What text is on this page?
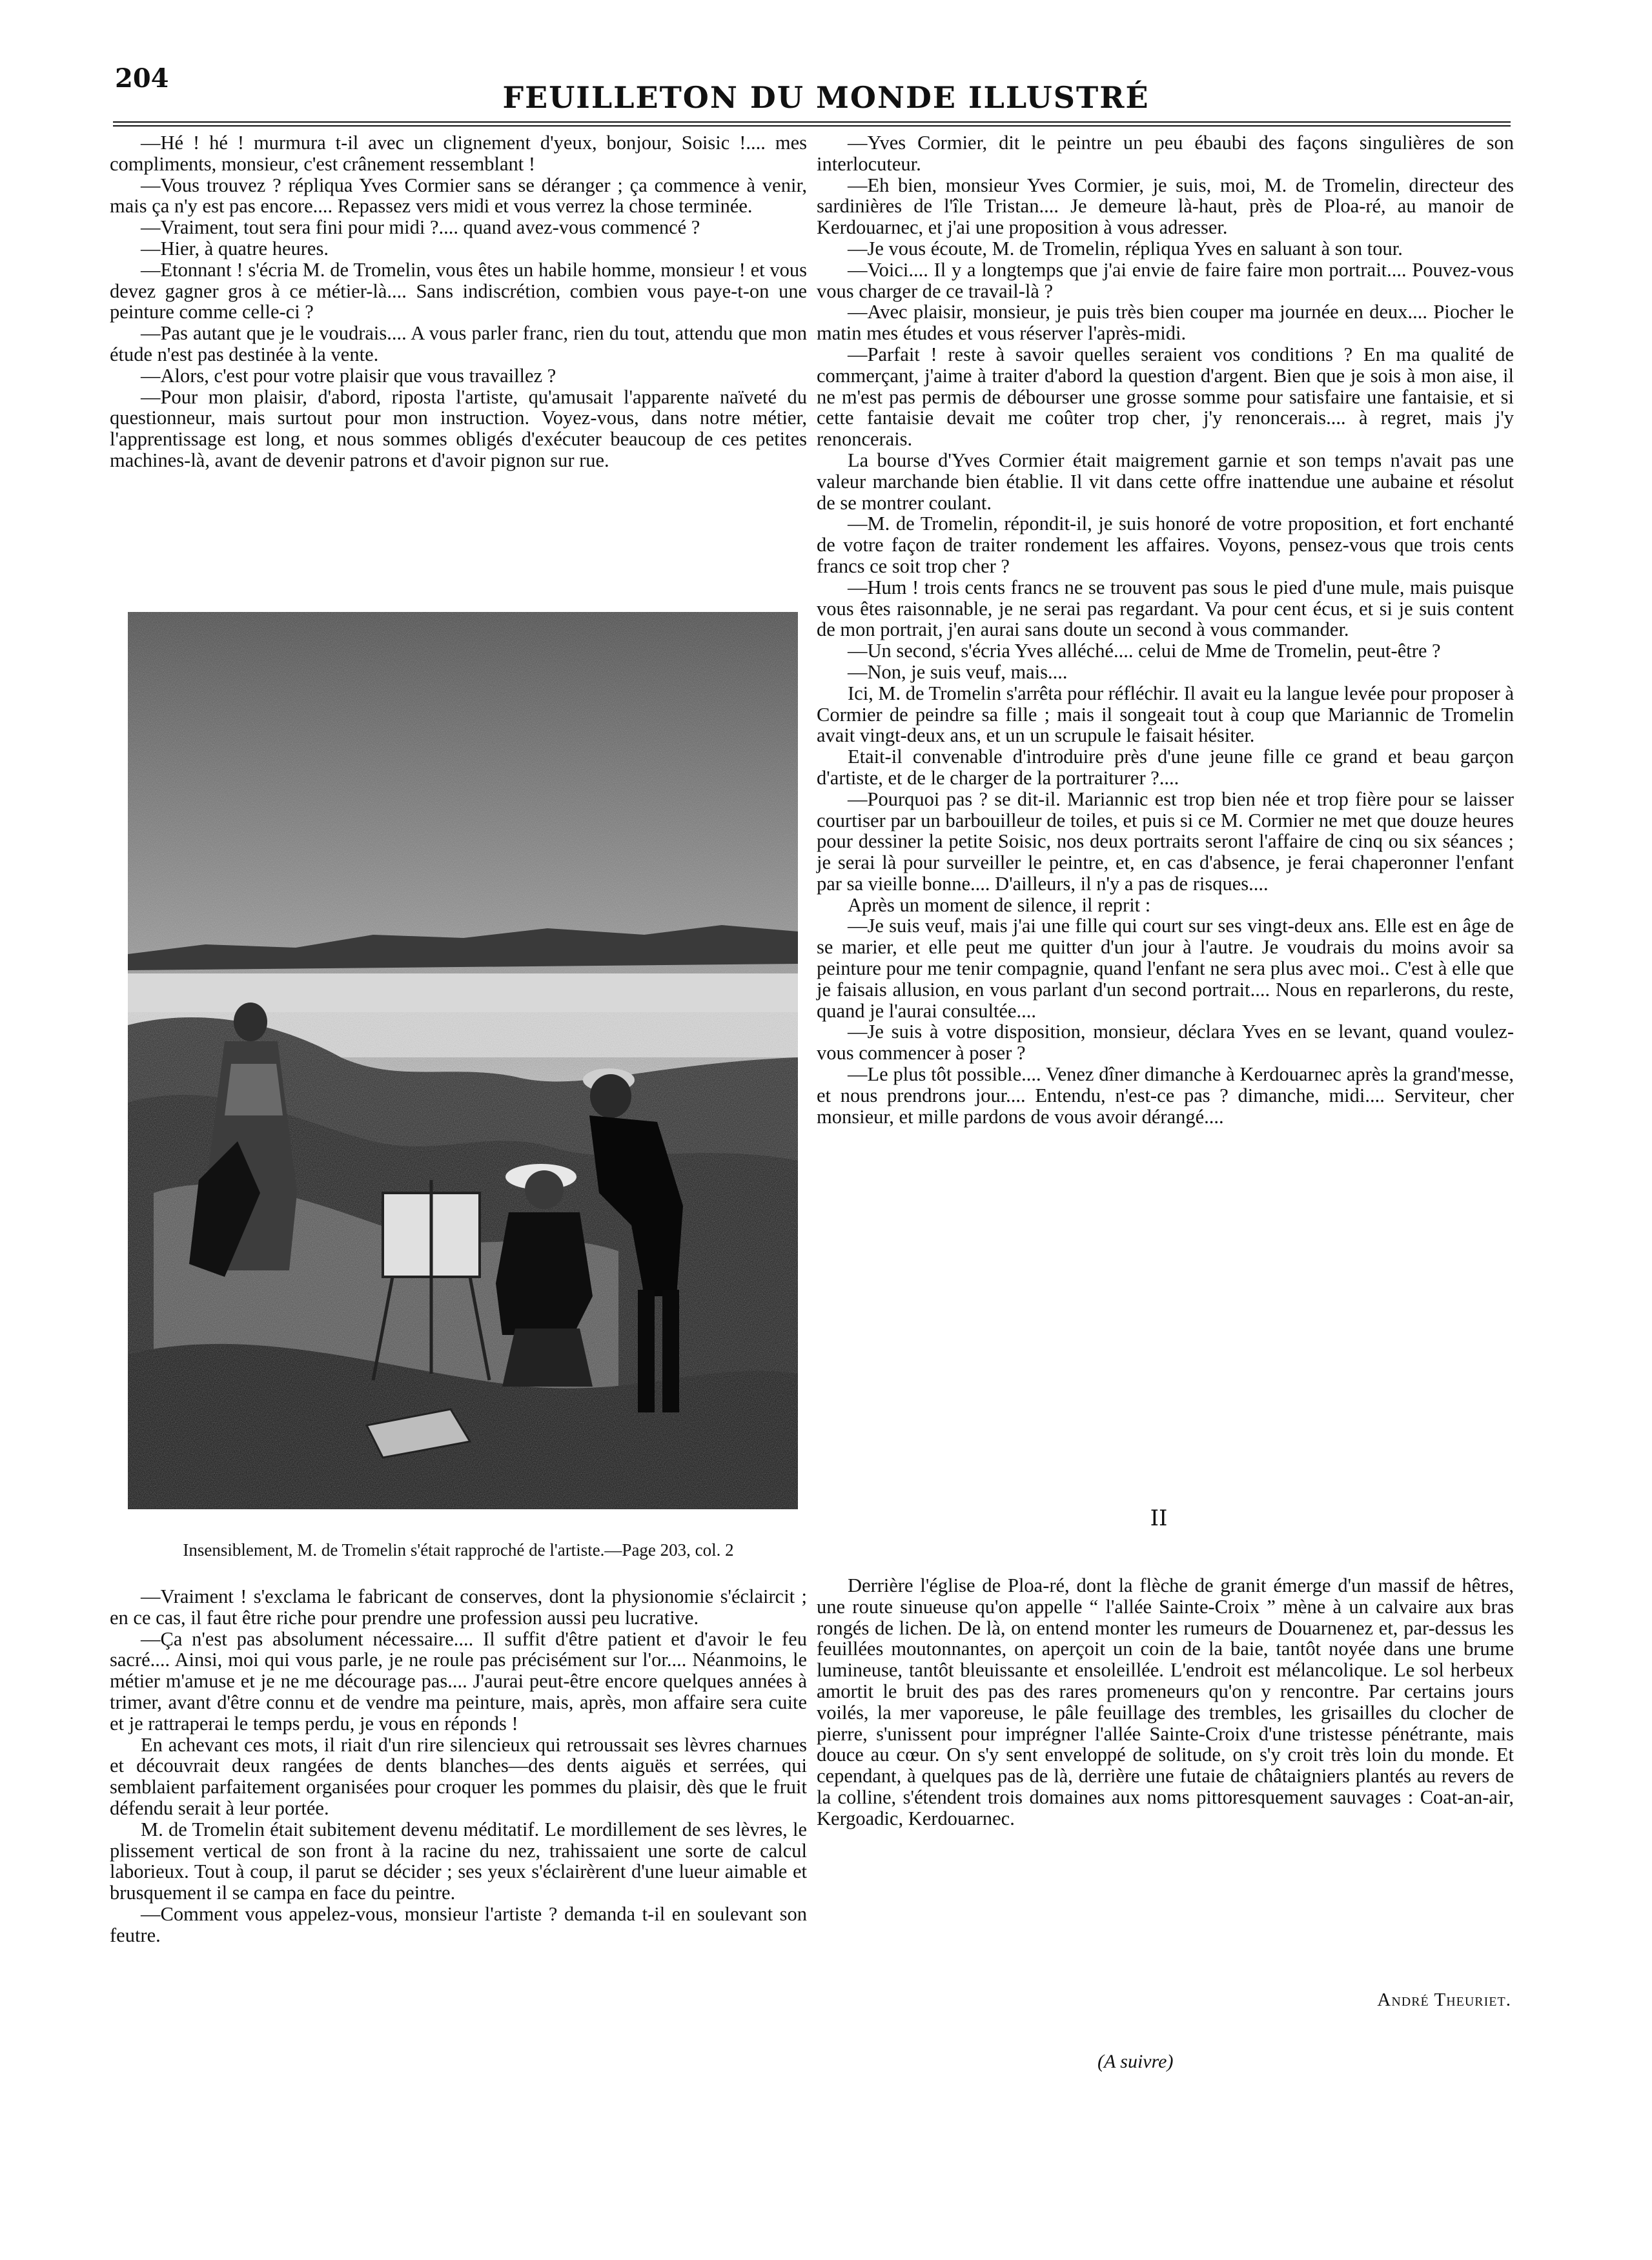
204
FEUILLETON DU MONDE ILLUSTRÉ

—Hé ! hé ! murmura t-il avec un clignement d'yeux, bonjour, Soisic !.... mes compliments, monsieur, c'est crânement ressemblant !

—Vous trouvez ? répliqua Yves Cormier sans se déranger ; ça commence à venir, mais ça n'y est pas encore.... Repassez vers midi et vous verrez la chose terminée.

—Vraiment, tout sera fini pour midi ?.... quand avez-vous commencé ?

—Hier, à quatre heures.

—Etonnant ! s'écria M. de Tromelin, vous êtes un habile homme, monsieur ! et vous devez gagner gros à ce métier-là.... Sans indiscrétion, combien vous paye-t-on une peinture comme celle-ci ?

—Pas autant que je le voudrais.... A vous parler franc, rien du tout, attendu que mon étude n'est pas destinée à la vente.

—Alors, c'est pour votre plaisir que vous travaillez ?

—Pour mon plaisir, d'abord, riposta l'artiste, qu'amusait l'apparente naïveté du questionneur, mais surtout pour mon instruction. Voyez-vous, dans notre métier, l'apprentissage est long, et nous sommes obligés d'exécuter beaucoup de ces petites machines-là, avant de devenir patrons et d'avoir pignon sur rue.

Insensiblement, M. de Tromelin s'était rapproché de l'artiste.—Page 203, col. 2

—Vraiment ! s'exclama le fabricant de conserves, dont la physionomie s'éclaircit ; en ce cas, il faut être riche pour prendre une profession aussi peu lucrative.

—Ça n'est pas absolument nécessaire.... Il suffit d'être patient et d'avoir le feu sacré.... Ainsi, moi qui vous parle, je ne roule pas précisément sur l'or.... Néanmoins, le métier m'amuse et je ne me décourage pas.... J'aurai peut-être encore quelques années à trimer, avant d'être connu et de vendre ma peinture, mais, après, mon affaire sera cuite et je rattraperai le temps perdu, je vous en réponds !

En achevant ces mots, il riait d'un rire silencieux qui retroussait ses lèvres charnues et découvrait deux rangées de dents blanches—des dents aiguës et serrées, qui semblaient parfaitement organisées pour croquer les pommes du plaisir, dès que le fruit défendu serait à leur portée.

M. de Tromelin était subitement devenu méditatif. Le mordillement de ses lèvres, le plissement vertical de son front à la racine du nez, trahissaient une sorte de calcul laborieux. Tout à coup, il parut se décider ; ses yeux s'éclairèrent d'une lueur aimable et brusquement il se campa en face du peintre.

—Comment vous appelez-vous, monsieur l'artiste ? demanda t-il en soulevant son feutre.

—Yves Cormier, dit le peintre un peu ébaubi des façons singulières de son interlocuteur.

—Eh bien, monsieur Yves Cormier, je suis, moi, M. de Tromelin, directeur des sardinières de l'île Tristan.... Je demeure là-haut, près de Ploa-ré, au manoir de Kerdouarnec, et j'ai une proposition à vous adresser.

—Je vous écoute, M. de Tromelin, répliqua Yves en saluant à son tour.

—Voici.... Il y a longtemps que j'ai envie de faire faire mon portrait.... Pouvez-vous vous charger de ce travail-là ?

—Avec plaisir, monsieur, je puis très bien couper ma journée en deux.... Piocher le matin mes études et vous réserver l'après-midi.

—Parfait ! reste à savoir quelles seraient vos conditions ? En ma qualité de commerçant, j'aime à traiter d'abord la question d'argent. Bien que je sois à mon aise, il ne m'est pas permis de débourser une grosse somme pour satisfaire une fantaisie, et si cette fantaisie devait me coûter trop cher, j'y renoncerais.... à regret, mais j'y renoncerais.

La bourse d'Yves Cormier était maigrement garnie et son temps n'avait pas une valeur marchande bien établie. Il vit dans cette offre inattendue une aubaine et résolut de se montrer coulant.

—M. de Tromelin, répondit-il, je suis honoré de votre proposition, et fort enchanté de votre façon de traiter rondement les affaires. Voyons, pensez-vous que trois cents francs ce soit trop cher ?

—Hum ! trois cents francs ne se trouvent pas sous le pied d'une mule, mais puisque vous êtes raisonnable, je ne serai pas regardant. Va pour cent écus, et si je suis content de mon portrait, j'en aurai sans doute un second à vous commander.

—Un second, s'écria Yves alléché.... celui de Mme de Tromelin, peut-être ?

—Non, je suis veuf, mais....

Ici, M. de Tromelin s'arrêta pour réfléchir. Il avait eu la langue levée pour proposer à Cormier de peindre sa fille ; mais il songeait tout à coup que Mariannic de Tromelin avait vingt-deux ans, et un un scrupule le faisait hésiter.

Etait-il convenable d'introduire près d'une jeune fille ce grand et beau garçon d'artiste, et de le charger de la portraiturer ?....

—Pourquoi pas ? se dit-il. Mariannic est trop bien née et trop fière pour se laisser courtiser par un barbouilleur de toiles, et puis si ce M. Cormier ne met que douze heures pour dessiner la petite Soisic, nos deux portraits seront l'affaire de cinq ou six séances ; je serai là pour surveiller le peintre, et, en cas d'absence, je ferai chaperonner l'enfant par sa vieille bonne.... D'ailleurs, il n'y a pas de risques....

Après un moment de silence, il reprit :

—Je suis veuf, mais j'ai une fille qui court sur ses vingt-deux ans. Elle est en âge de se marier, et elle peut me quitter d'un jour à l'autre. Je voudrais du moins avoir sa peinture pour me tenir compagnie, quand l'enfant ne sera plus avec moi.. C'est à elle que je faisais allusion, en vous parlant d'un second portrait.... Nous en reparlerons, du reste, quand je l'aurai consultée....

—Je suis à votre disposition, monsieur, déclara Yves en se levant, quand voulez-vous commencer à poser ?

—Le plus tôt possible.... Venez dîner dimanche à Kerdouarnec après la grand'messe, et nous prendrons jour.... Entendu, n'est-ce pas ? dimanche, midi.... Serviteur, cher monsieur, et mille pardons de vous avoir dérangé....

II

Derrière l'église de Ploa-ré, dont la flèche de granit émerge d'un massif de hêtres, une route sinueuse qu'on appelle “ l'allée Sainte-Croix ” mène à un calvaire aux bras rongés de lichen. De là, on entend monter les rumeurs de Douarnenez et, par-dessus les feuillées moutonnantes, on aperçoit un coin de la baie, tantôt noyée dans une brume lumineuse, tantôt bleuissante et ensoleillée. L'endroit est mélancolique. Le sol herbeux amortit le bruit des pas des rares promeneurs qu'on y rencontre. Par certains jours voilés, la mer vaporeuse, le pâle feuillage des trembles, les grisailles du clocher de pierre, s'unissent pour imprégner l'allée Sainte-Croix d'une tristesse pénétrante, mais douce au cœur. On s'y sent enveloppé de solitude, on s'y croit très loin du monde. Et cependant, à quelques pas de là, derrière une futaie de châtaigniers plantés au revers de la colline, s'étendent trois domaines aux noms pittoresquement sauvages : Coat-an-air, Kergoadic, Kerdouarnec.

André Theuriet.
(A suivre)
